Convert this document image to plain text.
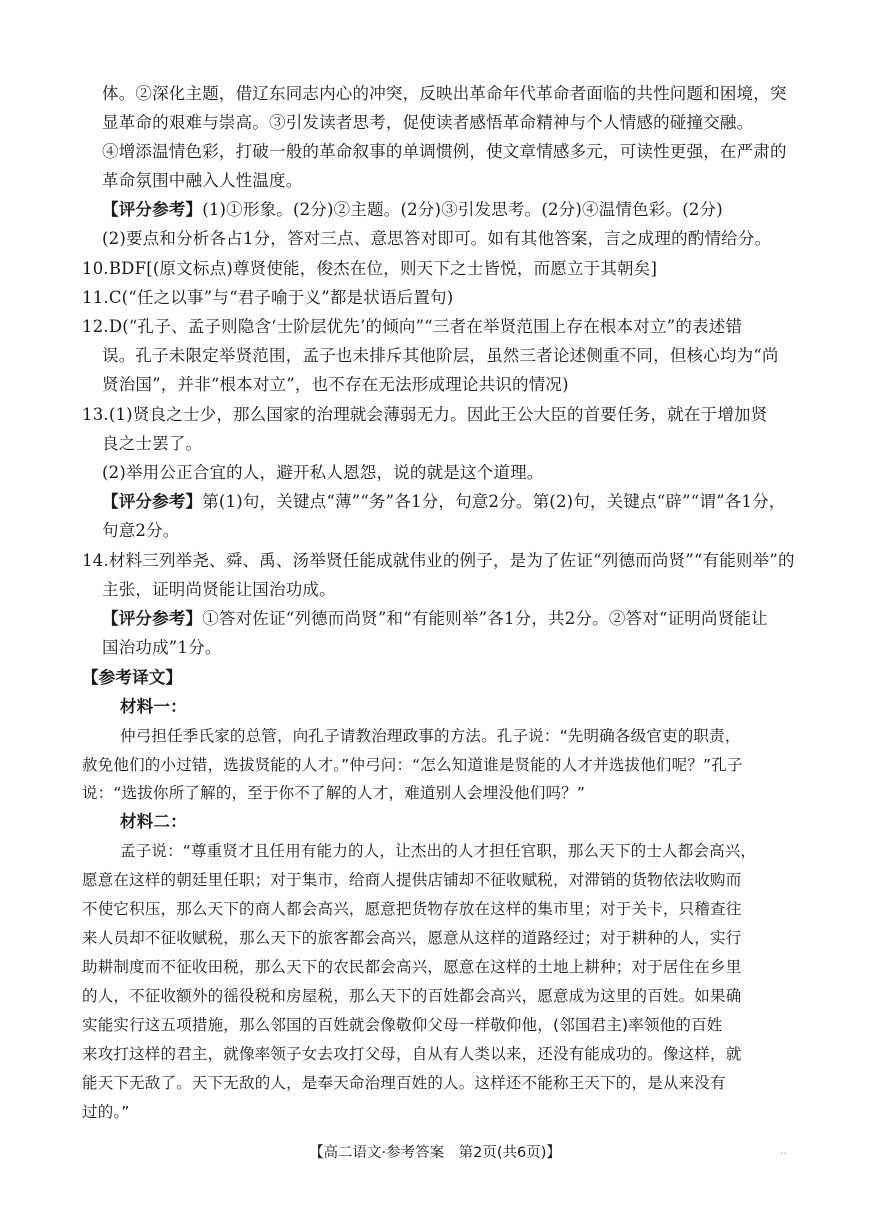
体。②深化主题，借辽东同志内心的冲突，反映出革命年代革命者面临的共性问题和困境，突
显革命的艰难与崇高。③引发读者思考，促使读者感悟革命精神与个人情感的碰撞交融。
④增添温情色彩，打破一般的革命叙事的单调惯例，使文章情感多元，可读性更强，在严肃的
革命氛围中融入人性温度。
【评分参考】(1)①形象。(2分)②主题。(2分)③引发思考。(2分)④温情色彩。(2分)
(2)要点和分析各占1分，答对三点、意思答对即可。如有其他答案，言之成理的酌情给分。
10.BDF[(原文标点)尊贤使能，俊杰在位，则天下之士皆悦，而愿立于其朝矣]
11.C(“任之以事”与“君子喻于义”都是状语后置句)
12.D(“孔子、孟子则隐含‘士阶层优先’的倾向”“三者在举贤范围上存在根本对立”的表述错
误。孔子未限定举贤范围，孟子也未排斥其他阶层，虽然三者论述侧重不同，但核心均为“尚
贤治国”，并非“根本对立”，也不存在无法形成理论共识的情况)
13.(1)贤良之士少，那么国家的治理就会薄弱无力。因此王公大臣的首要任务，就在于增加贤
良之士罢了。
(2)举用公正合宜的人，避开私人恩怨，说的就是这个道理。
【评分参考】第(1)句，关键点“薄”“务”各1分，句意2分。第(2)句，关键点“辟”“谓”各1分，
句意2分。
14.材料三列举尧、舜、禹、汤举贤任能成就伟业的例子，是为了佐证“列德而尚贤”“有能则举”的
主张，证明尚贤能让国治功成。
【评分参考】①答对佐证“列德而尚贤”和“有能则举”各1分，共2分。②答对“证明尚贤能让
国治功成”1分。
【参考译文】
材料一：
仲弓担任季氏家的总管，向孔子请教治理政事的方法。孔子说：“先明确各级官吏的职责，
赦免他们的小过错，选拔贤能的人才。”仲弓问：“怎么知道谁是贤能的人才并选拔他们呢？”孔子
说：“选拔你所了解的，至于你不了解的人才，难道别人会埋没他们吗？”
材料二：
孟子说：“尊重贤才且任用有能力的人，让杰出的人才担任官职，那么天下的士人都会高兴，
愿意在这样的朝廷里任职；对于集市，给商人提供店铺却不征收赋税，对滞销的货物依法收购而
不使它积压，那么天下的商人都会高兴，愿意把货物存放在这样的集市里；对于关卡，只稽查往
来人员却不征收赋税，那么天下的旅客都会高兴，愿意从这样的道路经过；对于耕种的人，实行
助耕制度而不征收田税，那么天下的农民都会高兴，愿意在这样的土地上耕种；对于居住在乡里
的人，不征收额外的徭役税和房屋税，那么天下的百姓都会高兴，愿意成为这里的百姓。如果确
实能实行这五项措施，那么邻国的百姓就会像敬仰父母一样敬仰他，(邻国君主)率领他的百姓
来攻打这样的君主，就像率领子女去攻打父母，自从有人类以来，还没有能成功的。像这样，就
能天下无敌了。天下无敌的人，是奉天命治理百姓的人。这样还不能称王天下的，是从来没有
过的。”
【高二语文·参考答案　第2页(共6页)】	..
